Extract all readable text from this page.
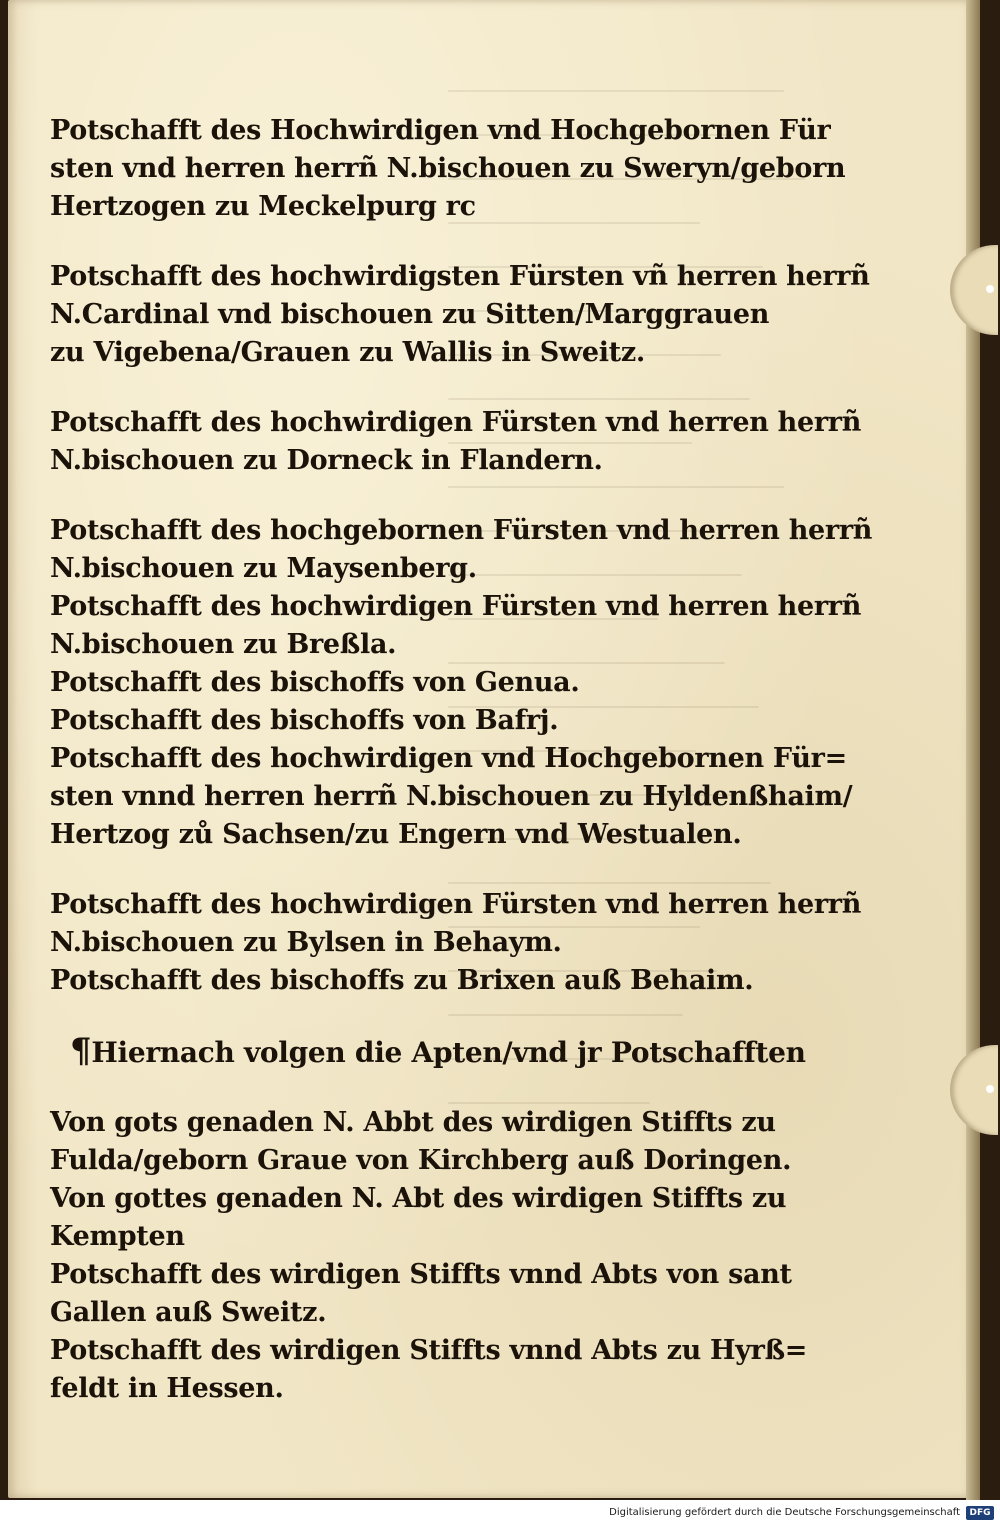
Potschafft des Hochwirdigen vnd Hochgebornen Für
sten vnd herren herrñ N.bischouen zu Sweryn/geborn
Hertzogen zu Meckelpurg rc
Potschafft des hochwirdigsten Fürsten vñ herren herrñ
N.Cardinal vnd bischouen zu Sitten/Marggrauen
zu Vigebena/Grauen zu Wallis in Sweitz.
Potschafft des hochwirdigen Fürsten vnd herren herrñ
N.bischouen zu Dorneck in Flandern.
Potschafft des hochgebornen Fürsten vnd herren herrñ
N.bischouen zu Maysenberg.
Potschafft des hochwirdigen Fürsten vnd herren herrñ
N.bischouen zu Breßla.
Potschafft des bischoffs von Genua.
Potschafft des bischoffs von Bafrj.
Potschafft des hochwirdigen vnd Hochgebornen Für=
sten vnnd herren herrñ N.bischouen zu Hyldenßhaim/
Hertzog zů Sachsen/zu Engern vnd Westualen.
Potschafft des hochwirdigen Fürsten vnd herren herrñ
N.bischouen zu Bylsen in Behaym.
Potschafft des bischoffs zu Brixen auß Behaim.
¶Hiernach volgen die Apten/vnd jr Potschafften
Von gots genaden N. Abbt des wirdigen Stiffts zu
Fulda/geborn Graue von Kirchberg auß Doringen.
Von gottes genaden N. Abt des wirdigen Stiffts zu
Kempten
Potschafft des wirdigen Stiffts vnnd Abts von sant
Gallen auß Sweitz.
Potschafft des wirdigen Stiffts vnnd Abts zu Hyrß=
feldt in Hessen.
Digitalisierung gefördert durch die Deutsche Forschungsgemeinschaft	DFG
